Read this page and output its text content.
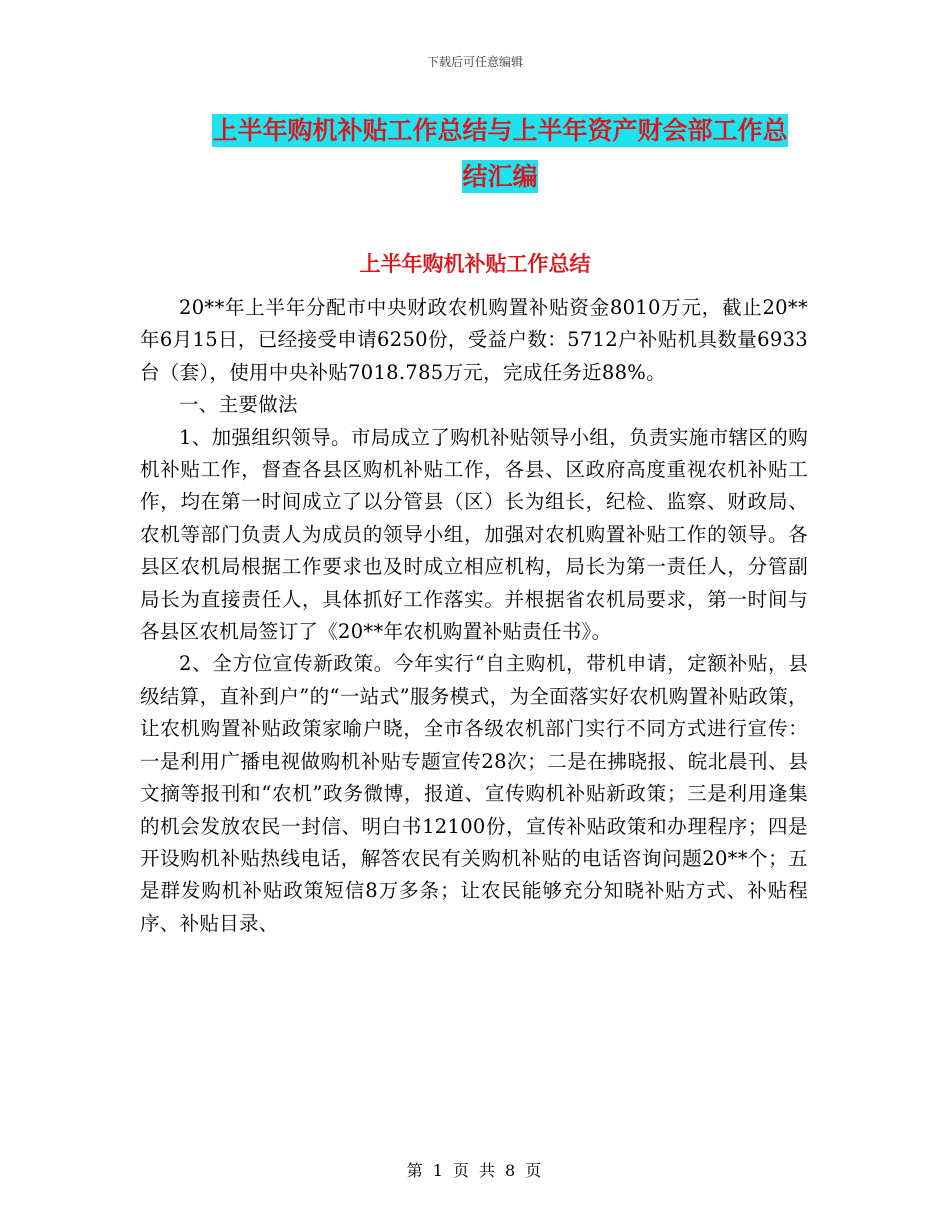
下载后可任意编辑
上半年购机补贴工作总结与上半年资产财会部工作总
结汇编
上半年购机补贴工作总结

20**年上半年分配市中央财政农机购置补贴资金8010万元，截止20**年6月15日，已经接受申请6250份，受益户数：5712户补贴机具数量6933台（套），使用中央补贴7018.785万元，完成任务近88%。

一、主要做法

1、加强组织领导。市局成立了购机补贴领导小组，负责实施市辖区的购机补贴工作，督查各县区购机补贴工作，各县、区政府高度重视农机补贴工作，均在第一时间成立了以分管县（区）长为组长，纪检、监察、财政局、农机等部门负责人为成员的领导小组，加强对农机购置补贴工作的领导。各县区农机局根据工作要求也及时成立相应机构，局长为第一责任人，分管副局长为直接责任人，具体抓好工作落实。并根据省农机局要求，第一时间与各县区农机局签订了《20**年农机购置补贴责任书》。

2、全方位宣传新政策。今年实行“自主购机，带机申请，定额补贴，县级结算，直补到户”的“一站式”服务模式，为全面落实好农机购置补贴政策，让农机购置补贴政策家喻户晓，全市各级农机部门实行不同方式进行宣传：一是利用广播电视做购机补贴专题宣传28次；二是在拂晓报、皖北晨刊、县文摘等报刊和“农机”政务微博，报道、宣传购机补贴新政策；三是利用逢集的机会发放农民一封信、明白书12100份，宣传补贴政策和办理程序；四是开设购机补贴热线电话，解答农民有关购机补贴的电话咨询问题20**个；五是群发购机补贴政策短信8万多条；让农民能够充分知晓补贴方式、补贴程序、补贴目录、

第 1 页 共 8 页
